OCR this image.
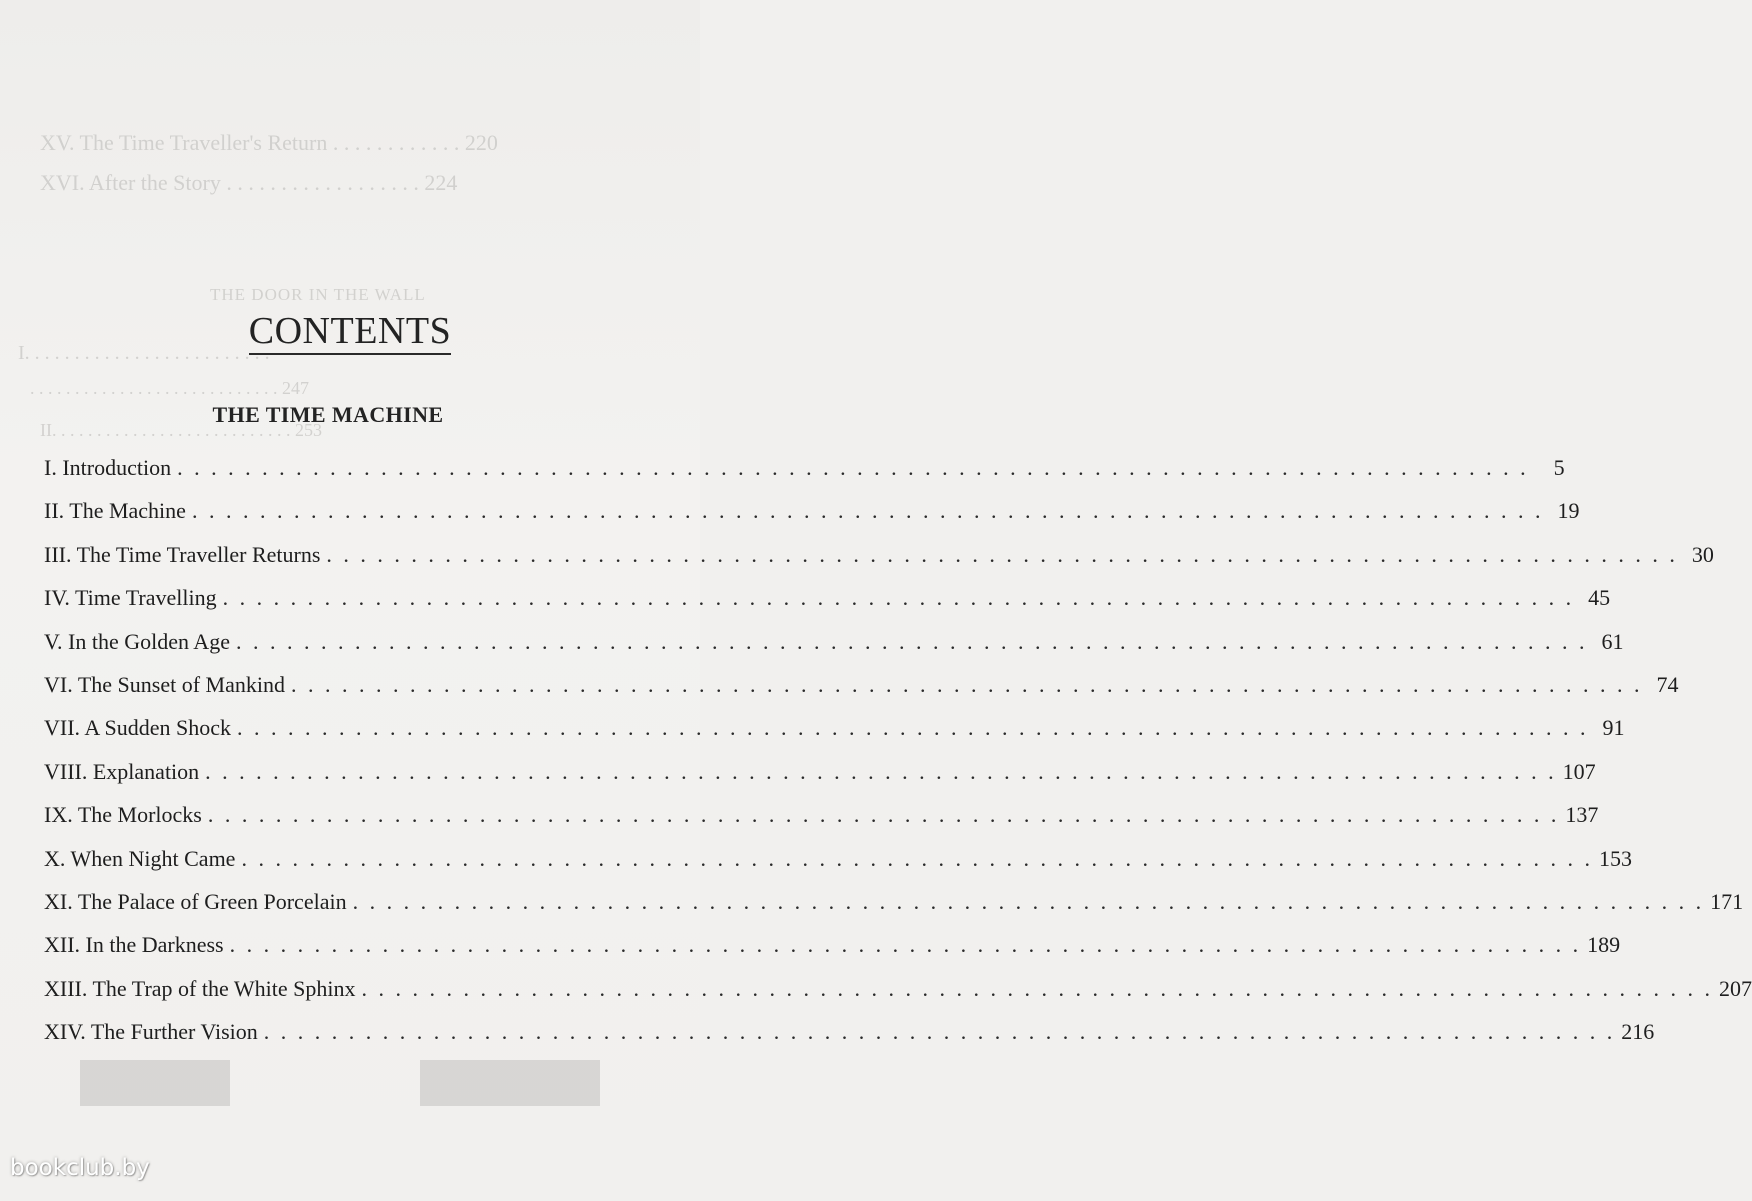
XV. The Time Traveller's Return . . . . . . . . . . . . 220
XVI. After the Story . . . . . . . . . . . . . . . . . . 224
THE DOOR IN THE WALL
I. . . . . . . . . . . . . . . . . . . . . . . . .
. . . . . . . . . . . . . . . . . . . . . . . . . . . . 247
II. . . . . . . . . . . . . . . . . . . . . . . . . . . 253
CONTENTS
THE TIME MACHINE
I. Introduction . . . . . . . . . . . . . . . . . . . . . . . . . . . . . . . . . . . . . . . . . . . . . . . . . . . . . . . . . . . . . . . . . . . . . . . . . . . . . . . .	5
II. The Machine . . . . . . . . . . . . . . . . . . . . . . . . . . . . . . . . . . . . . . . . . . . . . . . . . . . . . . . . . . . . . . . . . . . . . . . . . . . . . . . . 19
III. The Time Traveller Returns . . . . . . . . . . . . . . . . . . . . . . . . . . . . . . . . . . . . . . . . . . . . . . . . . . . . . . . . . . . . . . . . . . . . . . . . . . . . . . . . 30
IV. Time Travelling . . . . . . . . . . . . . . . . . . . . . . . . . . . . . . . . . . . . . . . . . . . . . . . . . . . . . . . . . . . . . . . . . . . . . . . . . . . . . . . . 45
V. In the Golden Age . . . . . . . . . . . . . . . . . . . . . . . . . . . . . . . . . . . . . . . . . . . . . . . . . . . . . . . . . . . . . . . . . . . . . . . . . . . . . . . . 61
VI. The Sunset of Mankind . . . . . . . . . . . . . . . . . . . . . . . . . . . . . . . . . . . . . . . . . . . . . . . . . . . . . . . . . . . . . . . . . . . . . . . . . . . . . . . . 74
VII. A Sudden Shock . . . . . . . . . . . . . . . . . . . . . . . . . . . . . . . . . . . . . . . . . . . . . . . . . . . . . . . . . . . . . . . . . . . . . . . . . . . . . . . . 91
VIII. Explanation . . . . . . . . . . . . . . . . . . . . . . . . . . . . . . . . . . . . . . . . . . . . . . . . . . . . . . . . . . . . . . . . . . . . . . . . . . . . . . . . 107
IX. The Morlocks . . . . . . . . . . . . . . . . . . . . . . . . . . . . . . . . . . . . . . . . . . . . . . . . . . . . . . . . . . . . . . . . . . . . . . . . . . . . . . . . 137
X. When Night Came . . . . . . . . . . . . . . . . . . . . . . . . . . . . . . . . . . . . . . . . . . . . . . . . . . . . . . . . . . . . . . . . . . . . . . . . . . . . . . . . 153
XI. The Palace of Green Porcelain . . . . . . . . . . . . . . . . . . . . . . . . . . . . . . . . . . . . . . . . . . . . . . . . . . . . . . . . . . . . . . . . . . . . . . . . . . . . . . . . 171
XII. In the Darkness . . . . . . . . . . . . . . . . . . . . . . . . . . . . . . . . . . . . . . . . . . . . . . . . . . . . . . . . . . . . . . . . . . . . . . . . . . . . . . . . 189
XIII. The Trap of the White Sphinx . . . . . . . . . . . . . . . . . . . . . . . . . . . . . . . . . . . . . . . . . . . . . . . . . . . . . . . . . . . . . . . . . . . . . . . . . . . . . . . . 207
XIV. The Further Vision . . . . . . . . . . . . . . . . . . . . . . . . . . . . . . . . . . . . . . . . . . . . . . . . . . . . . . . . . . . . . . . . . . . . . . . . . . . . . . . . 216
bookclub.by
